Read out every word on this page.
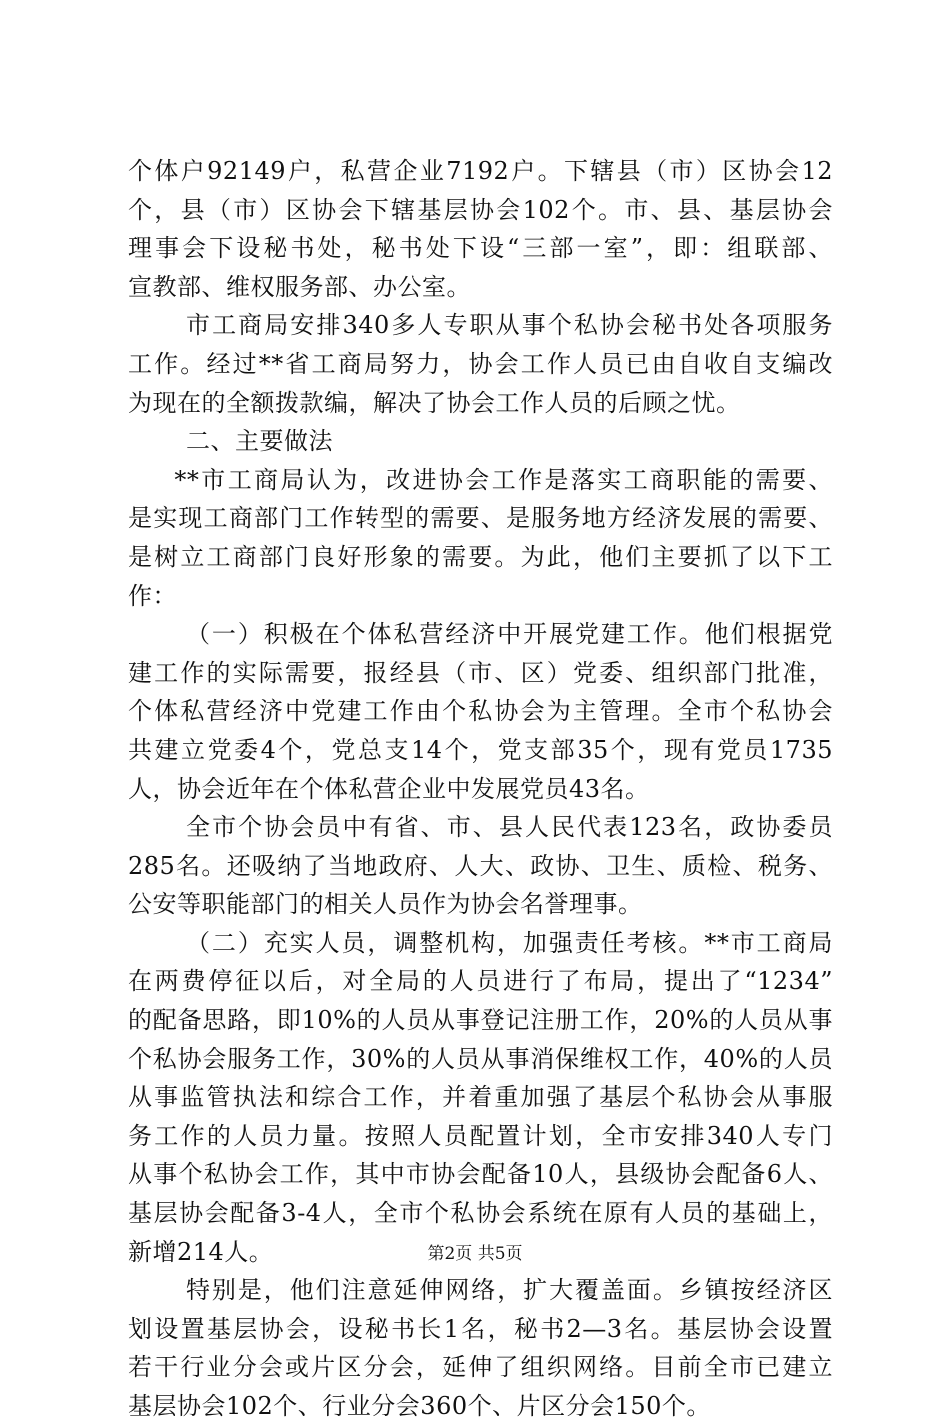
个体户92149户，私营企业7192户。下辖县（市）区协会12
个，县（市）区协会下辖基层协会102个。市、县、基层协会
理事会下设秘书处，秘书处下设“三部一室”，即：组联部、
宣教部、维权服务部、办公室。
市工商局安排340多人专职从事个私协会秘书处各项服务
工作。经过**省工商局努力，协会工作人员已由自收自支编改
为现在的全额拨款编，解决了协会工作人员的后顾之忧。
二、主要做法
**市工商局认为，改进协会工作是落实工商职能的需要、
是实现工商部门工作转型的需要、是服务地方经济发展的需要、
是树立工商部门良好形象的需要。为此，他们主要抓了以下工
作：
（一）积极在个体私营经济中开展党建工作。他们根据党
建工作的实际需要，报经县（市、区）党委、组织部门批准，
个体私营经济中党建工作由个私协会为主管理。全市个私协会
共建立党委4个，党总支14个，党支部35个，现有党员1735
人，协会近年在个体私营企业中发展党员43名。
全市个协会员中有省、市、县人民代表123名，政协委员
285名。还吸纳了当地政府、人大、政协、卫生、质检、税务、
公安等职能部门的相关人员作为协会名誉理事。
（二）充实人员，调整机构，加强责任考核。**市工商局
在两费停征以后，对全局的人员进行了布局，提出了“1234”
的配备思路，即10%的人员从事登记注册工作，20%的人员从事
个私协会服务工作，30%的人员从事消保维权工作，40%的人员
从事监管执法和综合工作，并着重加强了基层个私协会从事服
务工作的人员力量。按照人员配置计划，全市安排340人专门
从事个私协会工作，其中市协会配备10人，县级协会配备6人、
基层协会配备3-4人，全市个私协会系统在原有人员的基础上，
新增214人。
特别是，他们注意延伸网络，扩大覆盖面。乡镇按经济区
划设置基层协会，设秘书长1名，秘书2—3名。基层协会设置
若干行业分会或片区分会，延伸了组织网络。目前全市已建立
基层协会102个、行业分会360个、片区分会150个。
第2页 共5页
